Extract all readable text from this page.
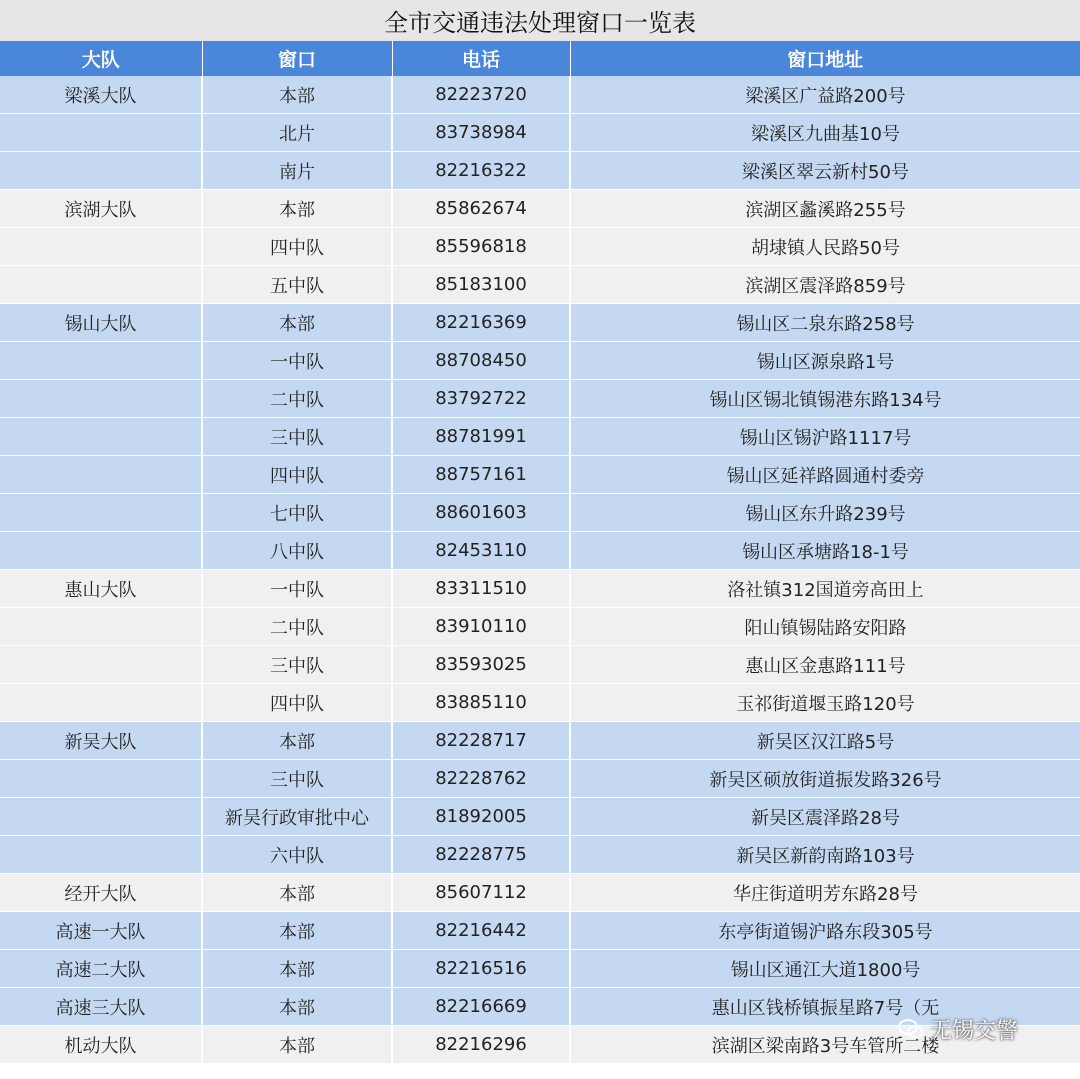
全市交通违法处理窗口一览表
大队	窗口	电话	窗口地址
梁溪大队	本部	82223720	梁溪区广益路200号
	北片	83738984	梁溪区九曲基10号
	南片	82216322	梁溪区翠云新村50号
滨湖大队	本部	85862674	滨湖区蠡溪路255号
	四中队	85596818	胡埭镇人民路50号
	五中队	85183100	滨湖区震泽路859号
锡山大队	本部	82216369	锡山区二泉东路258号
	一中队	88708450	锡山区源泉路1号
	二中队	83792722	锡山区锡北镇锡港东路134号
	三中队	88781991	锡山区锡沪路1117号
	四中队	88757161	锡山区延祥路圆通村委旁
	七中队	88601603	锡山区东升路239号
	八中队	82453110	锡山区承塘路18-1号
惠山大队	一中队	83311510	洛社镇312国道旁高田上
	二中队	83910110	阳山镇锡陆路安阳路
	三中队	83593025	惠山区金惠路111号
	四中队	83885110	玉祁街道堰玉路120号
新吴大队	本部	82228717	新吴区汉江路5号
	三中队	82228762	新吴区硕放街道振发路326号
	新吴行政审批中心	81892005	新吴区震泽路28号
	六中队	82228775	新吴区新韵南路103号
经开大队	本部	85607112	华庄街道明芳东路28号
高速一大队	本部	82216442	东亭街道锡沪路东段305号
高速二大队	本部	82216516	锡山区通江大道1800号
高速三大队	本部	82216669	惠山区钱桥镇振星路7号（无
机动大队	本部	82216296	滨湖区梁南路3号车管所二楼
无锡交警
